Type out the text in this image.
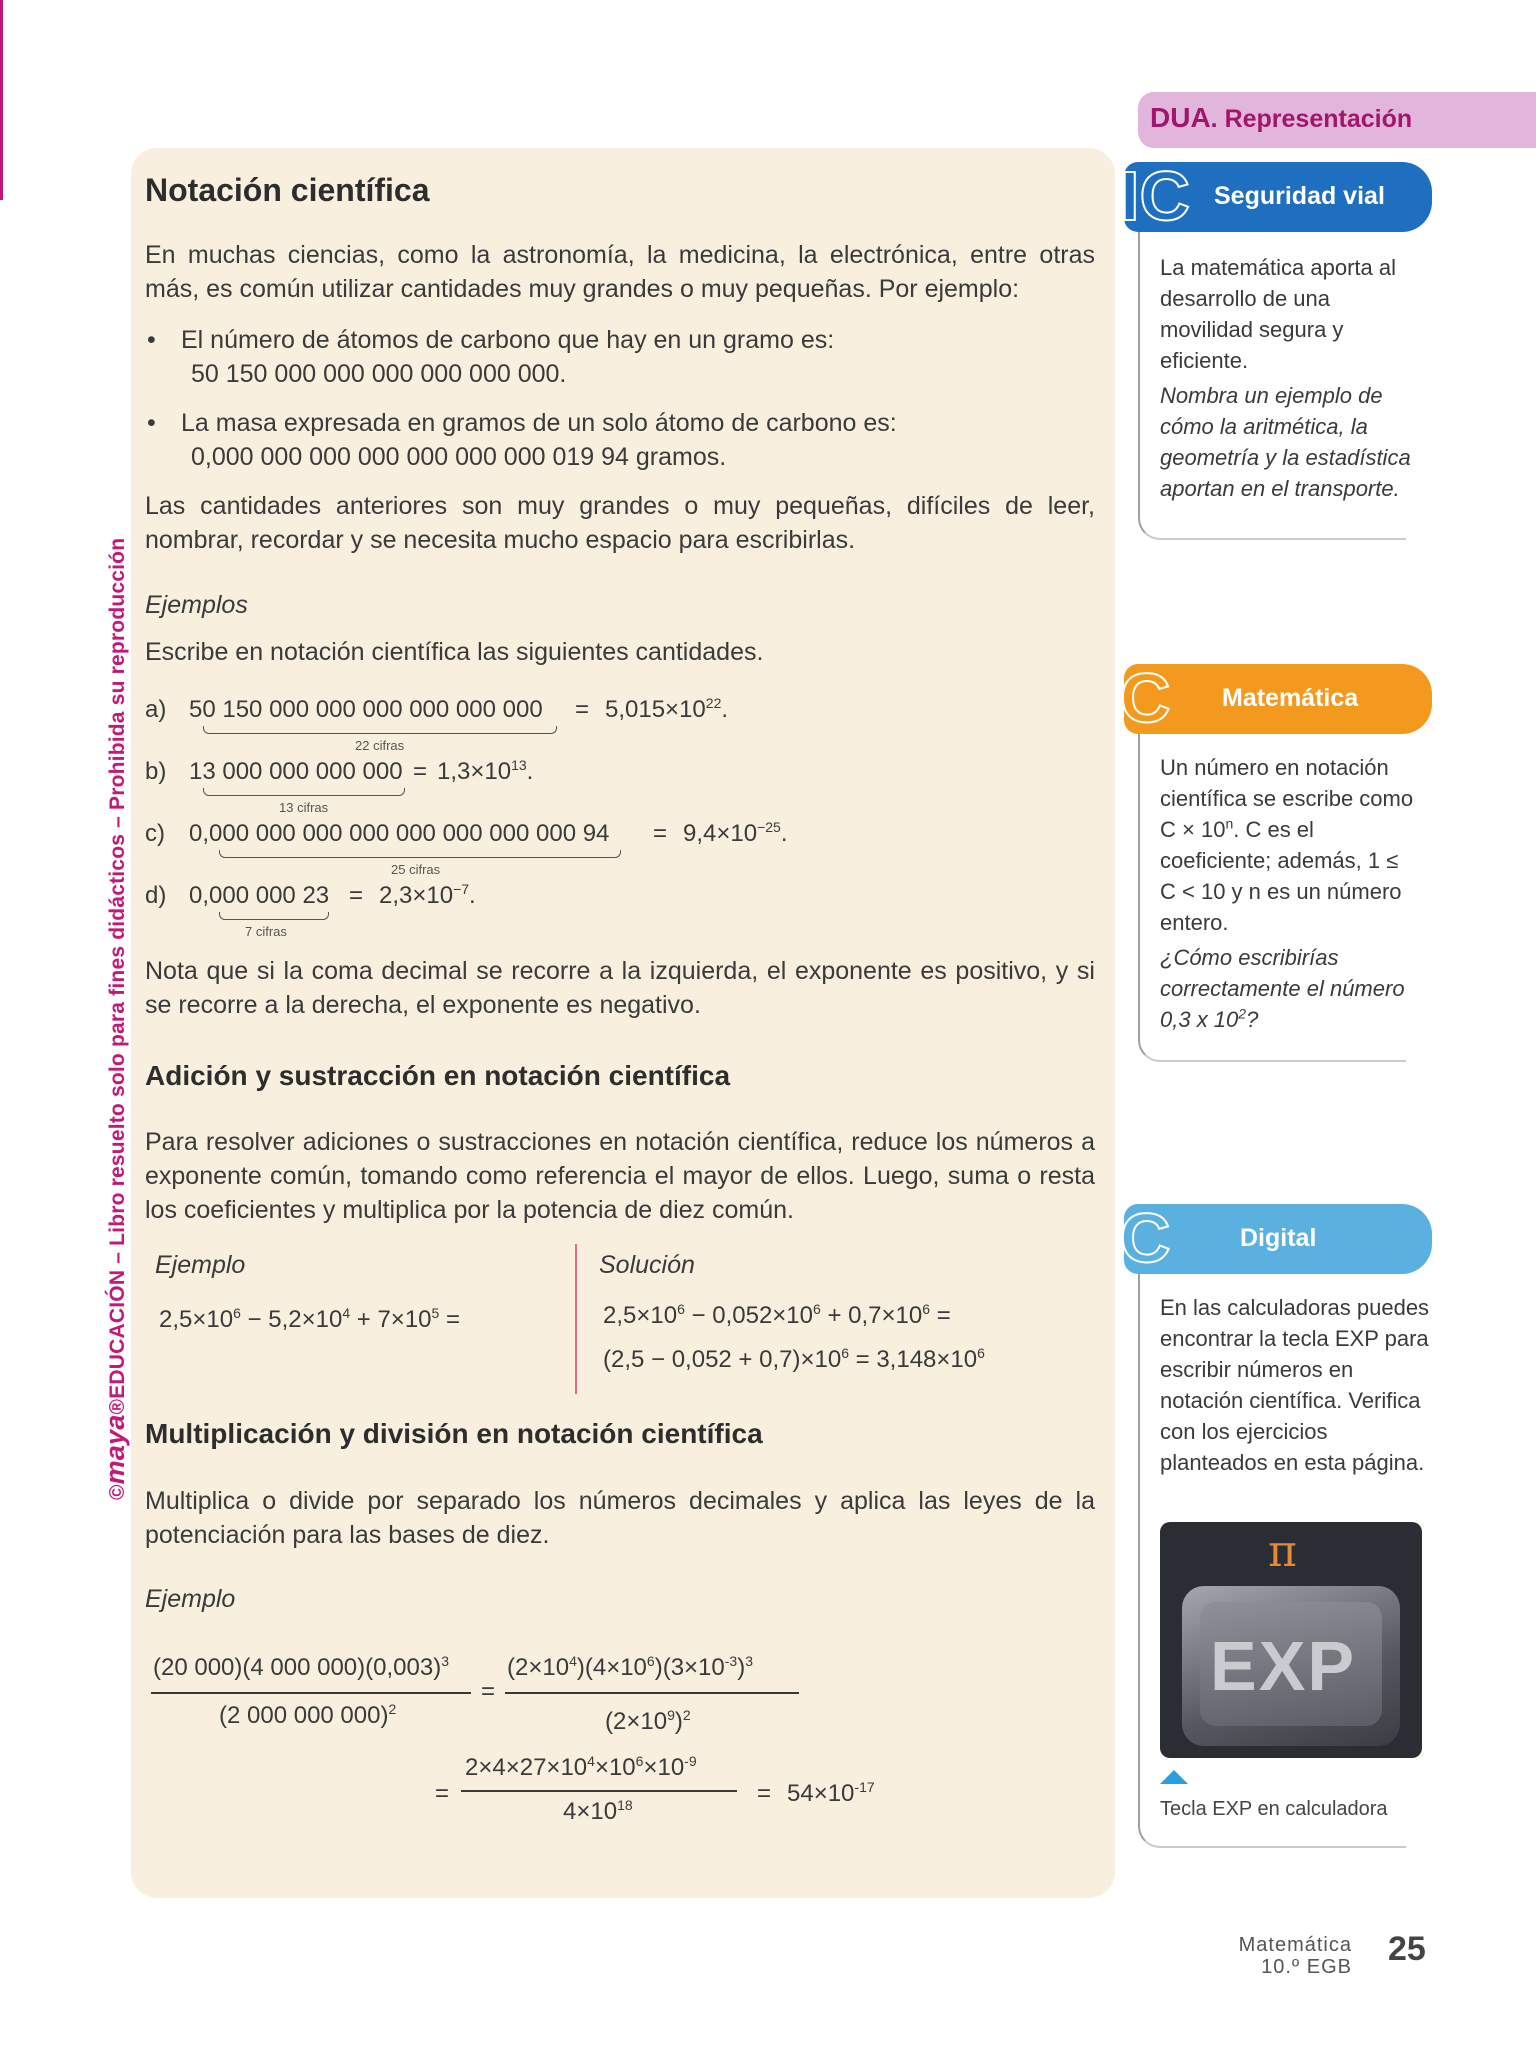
©maya®EDUCACIÓN – Libro resuelto solo para fines didácticos – Prohibida su reproducción
Notación científica

En muchas ciencias, como la astronomía, la medicina, la electrónica, entre otras más, es común utilizar cantidades muy grandes o muy pequeñas. Por ejemplo:

• El número de átomos de carbono que hay en un gramo es:
50 150 000 000 000 000 000 000.
• La masa expresada en gramos de un solo átomo de carbono es:
0,000 000 000 000 000 000 000 019 94 gramos.

Las cantidades anteriores son muy grandes o muy pequeñas, difíciles de leer, nombrar, recordar y se necesita mucho espacio para escribirlas.

Ejemplos

Escribe en notación científica las siguientes cantidades.

a) 50 150 000 000 000 000 000 $000 = 5,015\times 10^{22}$.
22 cifras
b) 13 000 000 000 $000 = 1,3\times 10^{13}$.
13 cifras
c) 0,000 000 000 000 000 000 000 000 $94 = 9,4\times 10^{-25}$.
25 cifras
d) 0,000 000 $23 = 2,3\times 10^{-7}$.
7 cifras

Nota que si la coma decimal se recorre a la izquierda, el exponente es positivo, y si se recorre a la derecha, el exponente es negativo.

Adición y sustracción en notación científica

Para resolver adiciones o sustracciones en notación científica, reduce los números a exponente común, tomando como referencia el mayor de ellos. Luego, suma o resta los coeficientes y multiplica por la potencia de diez común.

Ejemplo	Solución

$2,5\times 10^6 - 5,2\times 10^4 + 7\times 10^5$ =	$2,5\times 10^6 - 0,052\times 10^6 + 0,7\times 10^6$ =
$(2,5 - 0,052 + 0,7)\times 10^6 = 3,148\times 10^6$
Multiplicación y división en notación científica

Multiplica o divide por separado los números decimales y aplica las leyes de la potenciación para las bases de diez.

Ejemplo

(20 000)(4 000 $000)(0,003)^3$
(2 000 000 000)$^2$
=
$(2\times 10^4)(4\times 10^6)(3\times 10^{-3})^3$
$(2\times 10^9)^2$
=
$2\times 4\times 27\times 10^4\times 10^6\times 10^{-9}$
$4\times 10^{18}$	= $54\times 10^{-17}$
DUA. Representación
IC Seguridad vial
La matemática aporta al desarrollo de una movilidad segura y eficiente.
Nombra un ejemplo de cómo la aritmética, la geometría y la estadística aportan en el transporte.
C Matemática
Un número en notación científica se escribe como $C \times 10^n$. C es el coeficiente; además, 1 ≤ C < 10 y n es un número entero.
¿Cómo escribirías correctamente el número 0,3 x $10^2$?
C	Digital
En las calculadoras puedes encontrar la tecla EXP para escribir números en notación científica. Verifica con los ejercicios planteados en esta página.
π
EXP
Tecla EXP en calculadora
Matemática
10.º EGB 25
